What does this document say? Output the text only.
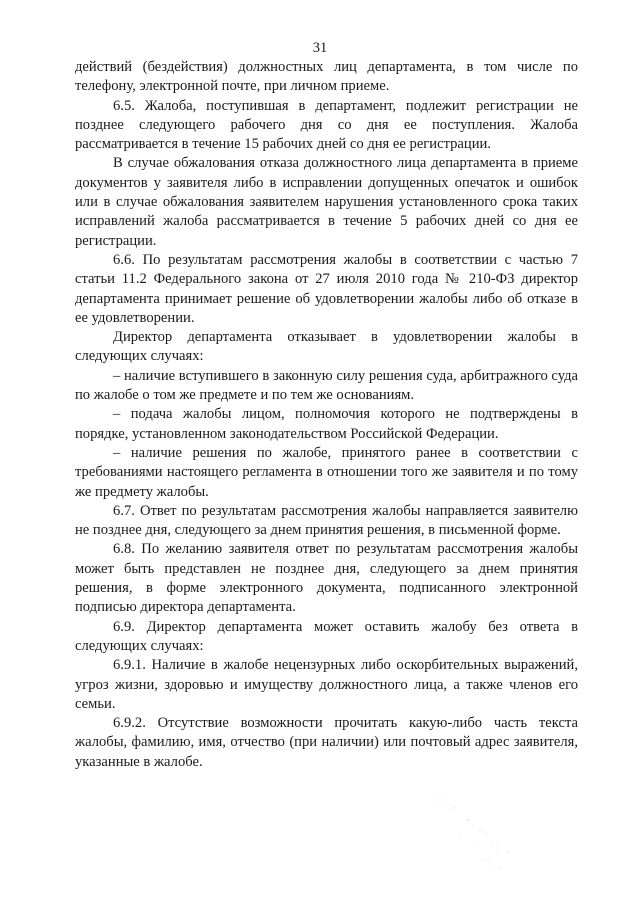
31

действий (бездействия) должностных лиц департамента, в том числе по телефону, электронной почте, при личном приеме.

6.5. Жалоба, поступившая в департамент, подлежит регистрации не позднее следующего рабочего дня со дня ее поступления. Жалоба рассматривается в течение 15 рабочих дней со дня ее регистрации.

В случае обжалования отказа должностного лица департамента в приеме документов у заявителя либо в исправлении допущенных опечаток и ошибок или в случае обжалования заявителем нарушения установленного срока таких исправлений жалоба рассматривается в течение 5 рабочих дней со дня ее регистрации.

6.6. По результатам рассмотрения жалобы в соответствии с частью 7 статьи 11.2 Федерального закона от 27 июля 2010 года № 210-ФЗ директор департамента принимает решение об удовлетворении жалобы либо об отказе в ее удовлетворении.

Директор департамента отказывает в удовлетворении жалобы в следующих случаях:

– наличие вступившего в законную силу решения суда, арбитражного суда по жалобе о том же предмете и по тем же основаниям.

– подача жалобы лицом, полномочия которого не подтверждены в порядке, установленном законодательством Российской Федерации.

– наличие решения по жалобе, принятого ранее в соответствии с требованиями настоящего регламента в отношении того же заявителя и по тому же предмету жалобы.

6.7. Ответ по результатам рассмотрения жалобы направляется заявителю не позднее дня, следующего за днем принятия решения, в письменной форме.

6.8. По желанию заявителя ответ по результатам рассмотрения жалобы может быть представлен не позднее дня, следующего за днем принятия решения, в форме электронного документа, подписанного электронной подписью директора департамента.

6.9. Директор департамента может оставить жалобу без ответа в следующих случаях:

6.9.1. Наличие в жалобе нецензурных либо оскорбительных выражений, угроз жизни, здоровью и имуществу должностного лица, а также членов его семьи.

6.9.2. Отсутствие возможности прочитать какую-либо часть текста жалобы, фамилию, имя, отчество (при наличии) или почтовый адрес заявителя, указанные в жалобе.
